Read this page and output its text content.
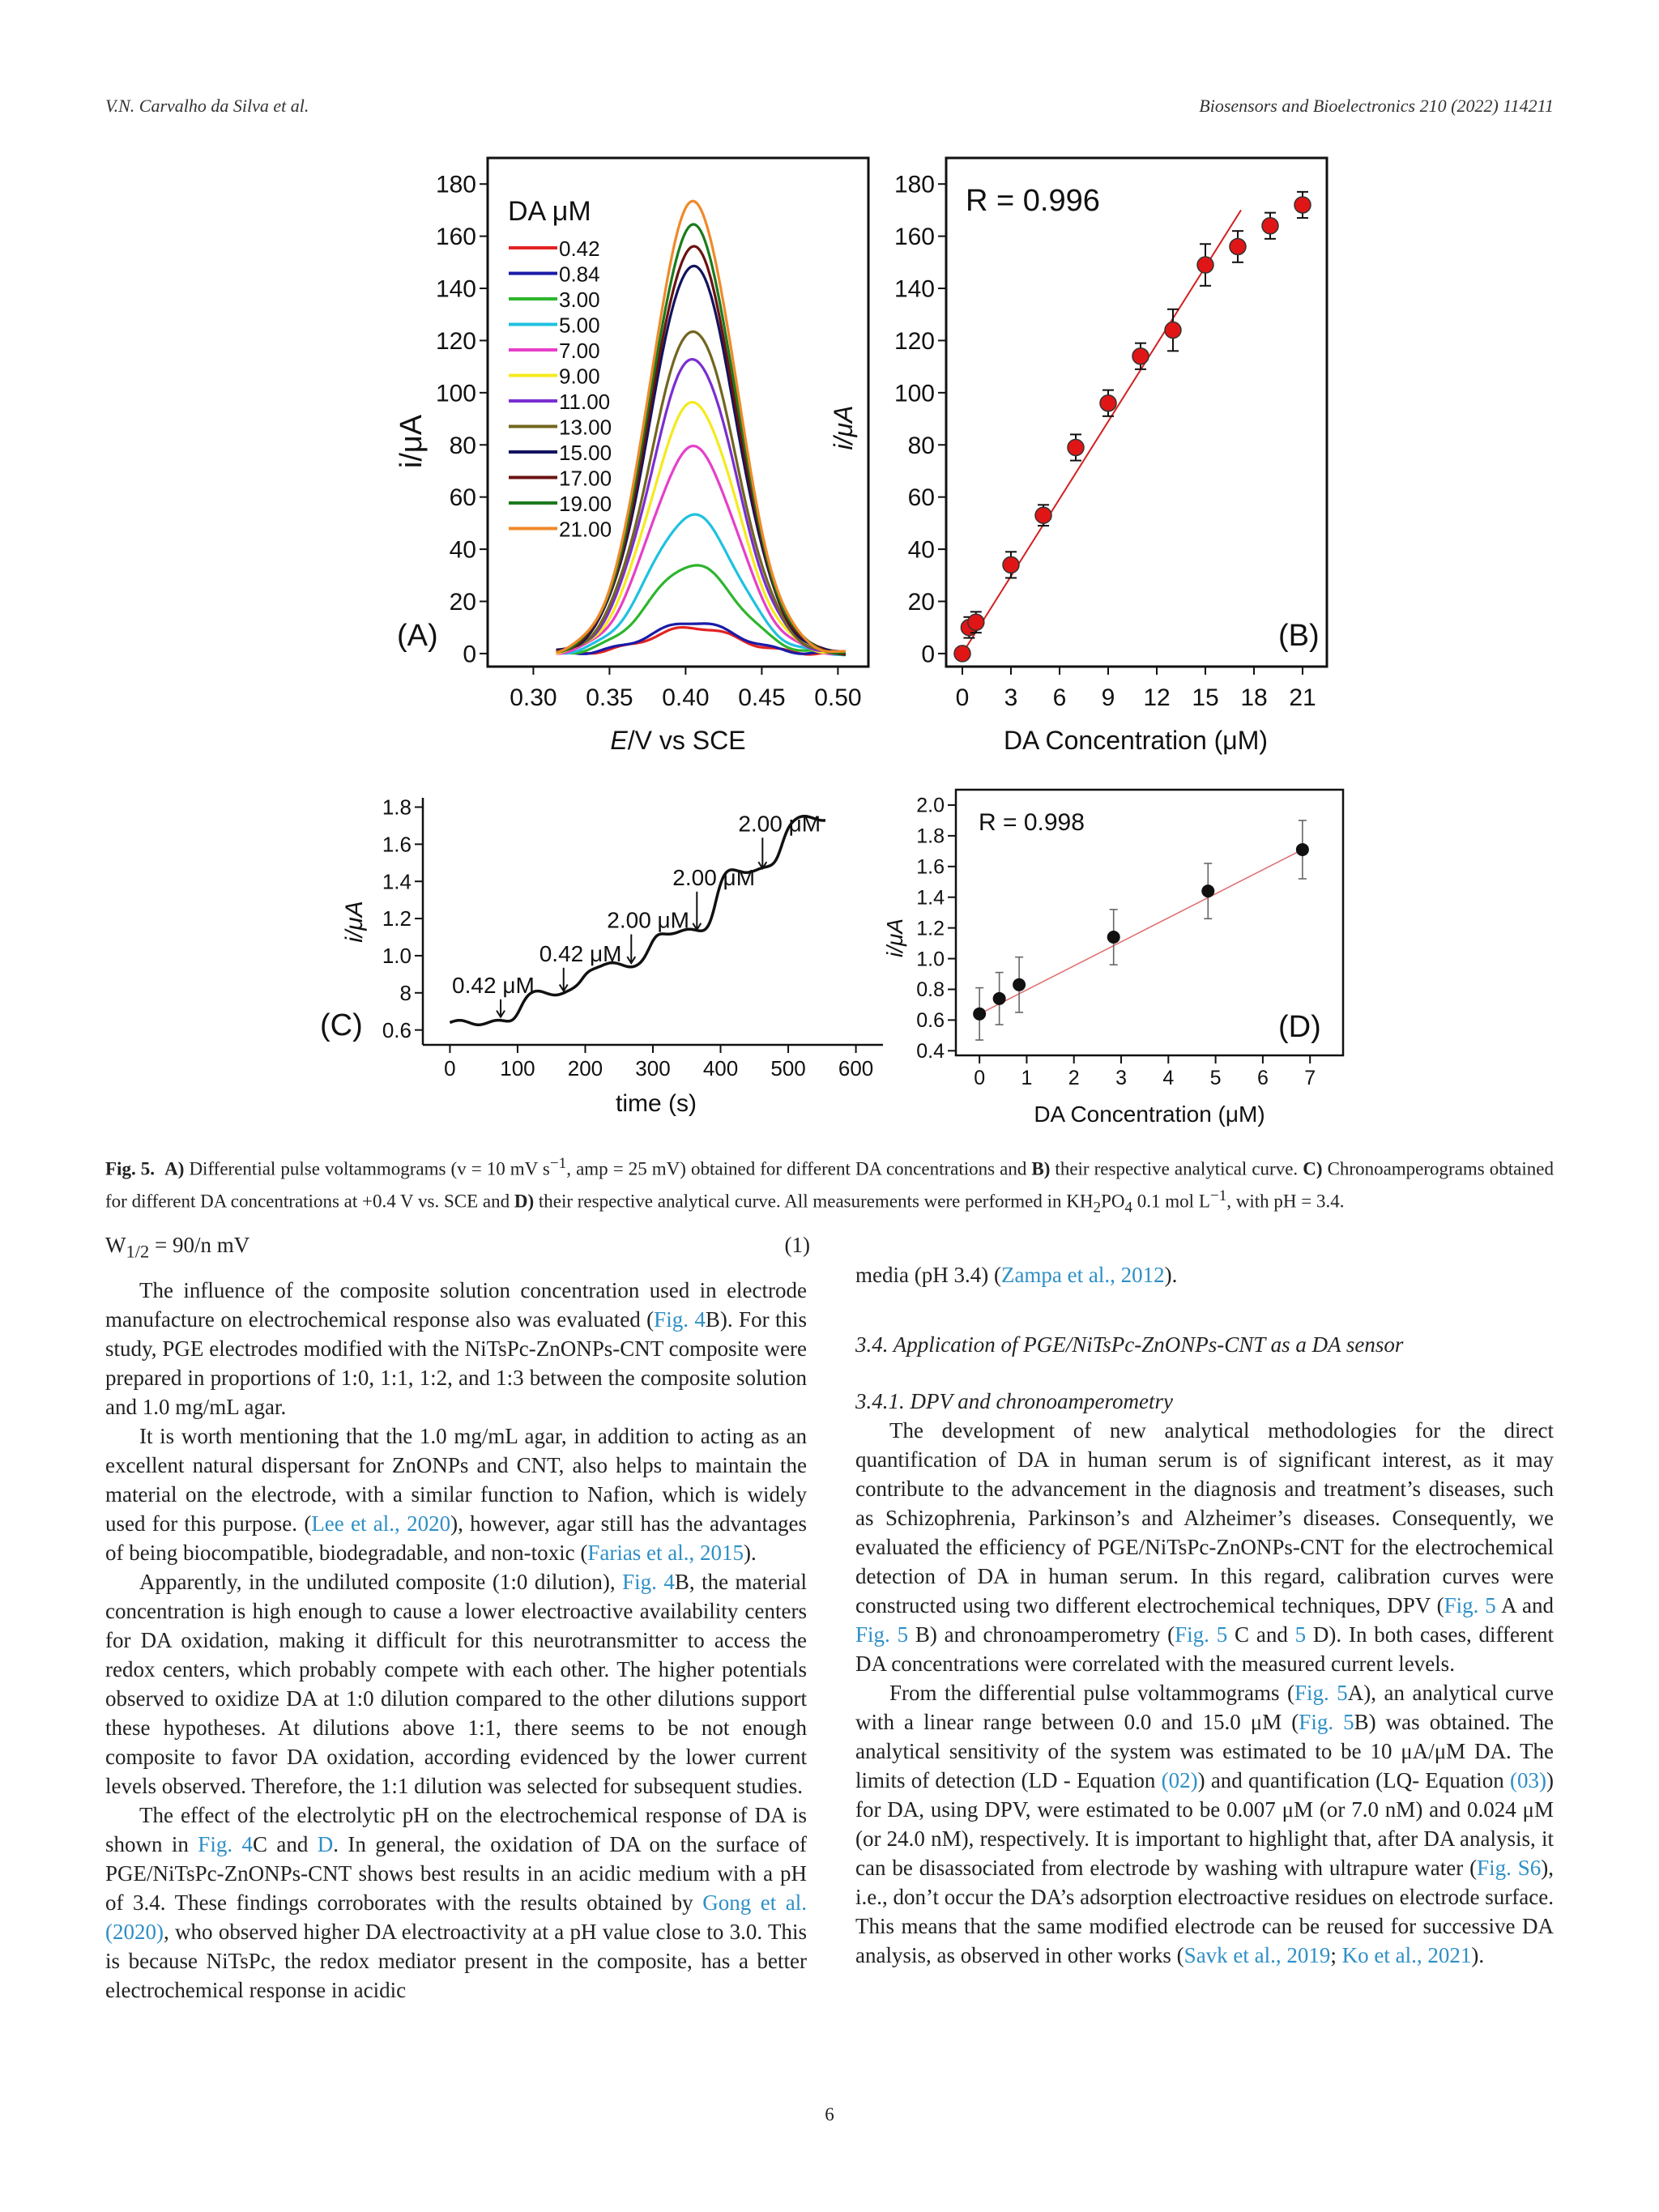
V.N. Carvalho da Silva et al.	Biosensors and Bioelectronics 210 (2022) 114211
0.30 0.35 0.40 0.45 0.50
0
20
40
60
80
100
120
140
160
180
i/μA
E/V vs SCE
DA μM
0.42
0.84
3.00
5.00
7.00
9.00
11.00
13.00
15.00
17.00
19.00
21.00
(A)
0 3 6 9 12 15 18 21
0
20
40
60
80
100
120
140
160
180 R = 0.996
(B)
i/μA
DA Concentration (μM)
0 100 200 300 400 500 600
0.6
8
1.0
1.2
1.4
1.6
1.8
0.42 μM
0.42 μM
2.00 μM
2.00 μM
2.00 μM
(C)
i/μA
time (s)
0 1 2 3 4 5 6 7
0.4
0.6
0.8
1.0
1.2
1.4
1.6
1.8
2.0
R = 0.998
(D)
i/μA
DA Concentration (μM)
Fig. 5. A) Differential pulse voltammograms (v = 10 mV $s^{-1}$, amp = 25 mV) obtained for different DA concentrations and B) their respective analytical curve. C) Chronoamperograms obtained for different DA concentrations at +0.4 V vs. SCE and D) their respective analytical curve. All measurements were performed in $KH_2PO_4$ 0.1 mol $L^{-1}$, with pH = 3.4.
$W_{1/2} = 90/n$ mV	(1)

The influence of the composite solution concentration used in electrode manufacture on electrochemical response also was evaluated (Fig. 4B). For this study, PGE electrodes modified with the NiTsPc-ZnONPs-CNT composite were prepared in proportions of 1:0, 1:1, 1:2, and 1:3 between the composite solution and 1.0 mg/mL agar.

It is worth mentioning that the 1.0 mg/mL agar, in addition to acting as an excellent natural dispersant for ZnONPs and CNT, also helps to maintain the material on the electrode, with a similar function to Nafion, which is widely used for this purpose. (Lee et al., 2020), however, agar still has the advantages of being biocompatible, biodegradable, and non-toxic (Farias et al., 2015).

Apparently, in the undiluted composite (1:0 dilution), Fig. 4B, the material concentration is high enough to cause a lower electroactive availability centers for DA oxidation, making it difficult for this neurotransmitter to access the redox centers, which probably compete with each other. The higher potentials observed to oxidize DA at 1:0 dilution compared to the other dilutions support these hypotheses. At dilutions above 1:1, there seems to be not enough composite to favor DA oxidation, according evidenced by the lower current levels observed. Therefore, the 1:1 dilution was selected for subsequent studies.

The effect of the electrolytic pH on the electrochemical response of DA is shown in Fig. 4C and D. In general, the oxidation of DA on the surface of PGE/NiTsPc-ZnONPs-CNT shows best results in an acidic medium with a pH of 3.4. These findings corroborates with the results obtained by Gong et al. (2020), who observed higher DA electroactivity at a pH value close to 3.0. This is because NiTsPc, the redox mediator present in the composite, has a better electrochemical response in acidic

media (pH 3.4) (Zampa et al., 2012).

3.4. Application of PGE/NiTsPc-ZnONPs-CNT as a DA sensor
3.4.1. DPV and chronoamperometry

The development of new analytical methodologies for the direct quantification of DA in human serum is of significant interest, as it may contribute to the advancement in the diagnosis and treatment’s diseases, such as Schizophrenia, Parkinson’s and Alzheimer’s diseases. Consequently, we evaluated the efficiency of PGE/NiTsPc-ZnONPs-CNT for the electrochemical detection of DA in human serum. In this regard, calibration curves were constructed using two different electrochemical techniques, DPV (Fig. 5 A and Fig. 5 B) and chronoamperometry (Fig. 5 C and 5 D). In both cases, different DA concentrations were correlated with the measured current levels.

From the differential pulse voltammograms (Fig. 5A), an analytical curve with a linear range between 0.0 and 15.0 μM (Fig. 5B) was obtained. The analytical sensitivity of the system was estimated to be 10 μA/μM DA. The limits of detection (LD - Equation (02)) and quantification (LQ- Equation (03)) for DA, using DPV, were estimated to be 0.007 μM (or 7.0 nM) and 0.024 μM (or 24.0 nM), respectively. It is important to highlight that, after DA analysis, it can be disassociated from electrode by washing with ultrapure water (Fig. S6), i.e., don’t occur the DA’s adsorption electroactive residues on electrode surface. This means that the same modified electrode can be reused for successive DA analysis, as observed in other works (Savk et al., 2019; Ko et al., 2021).

6
